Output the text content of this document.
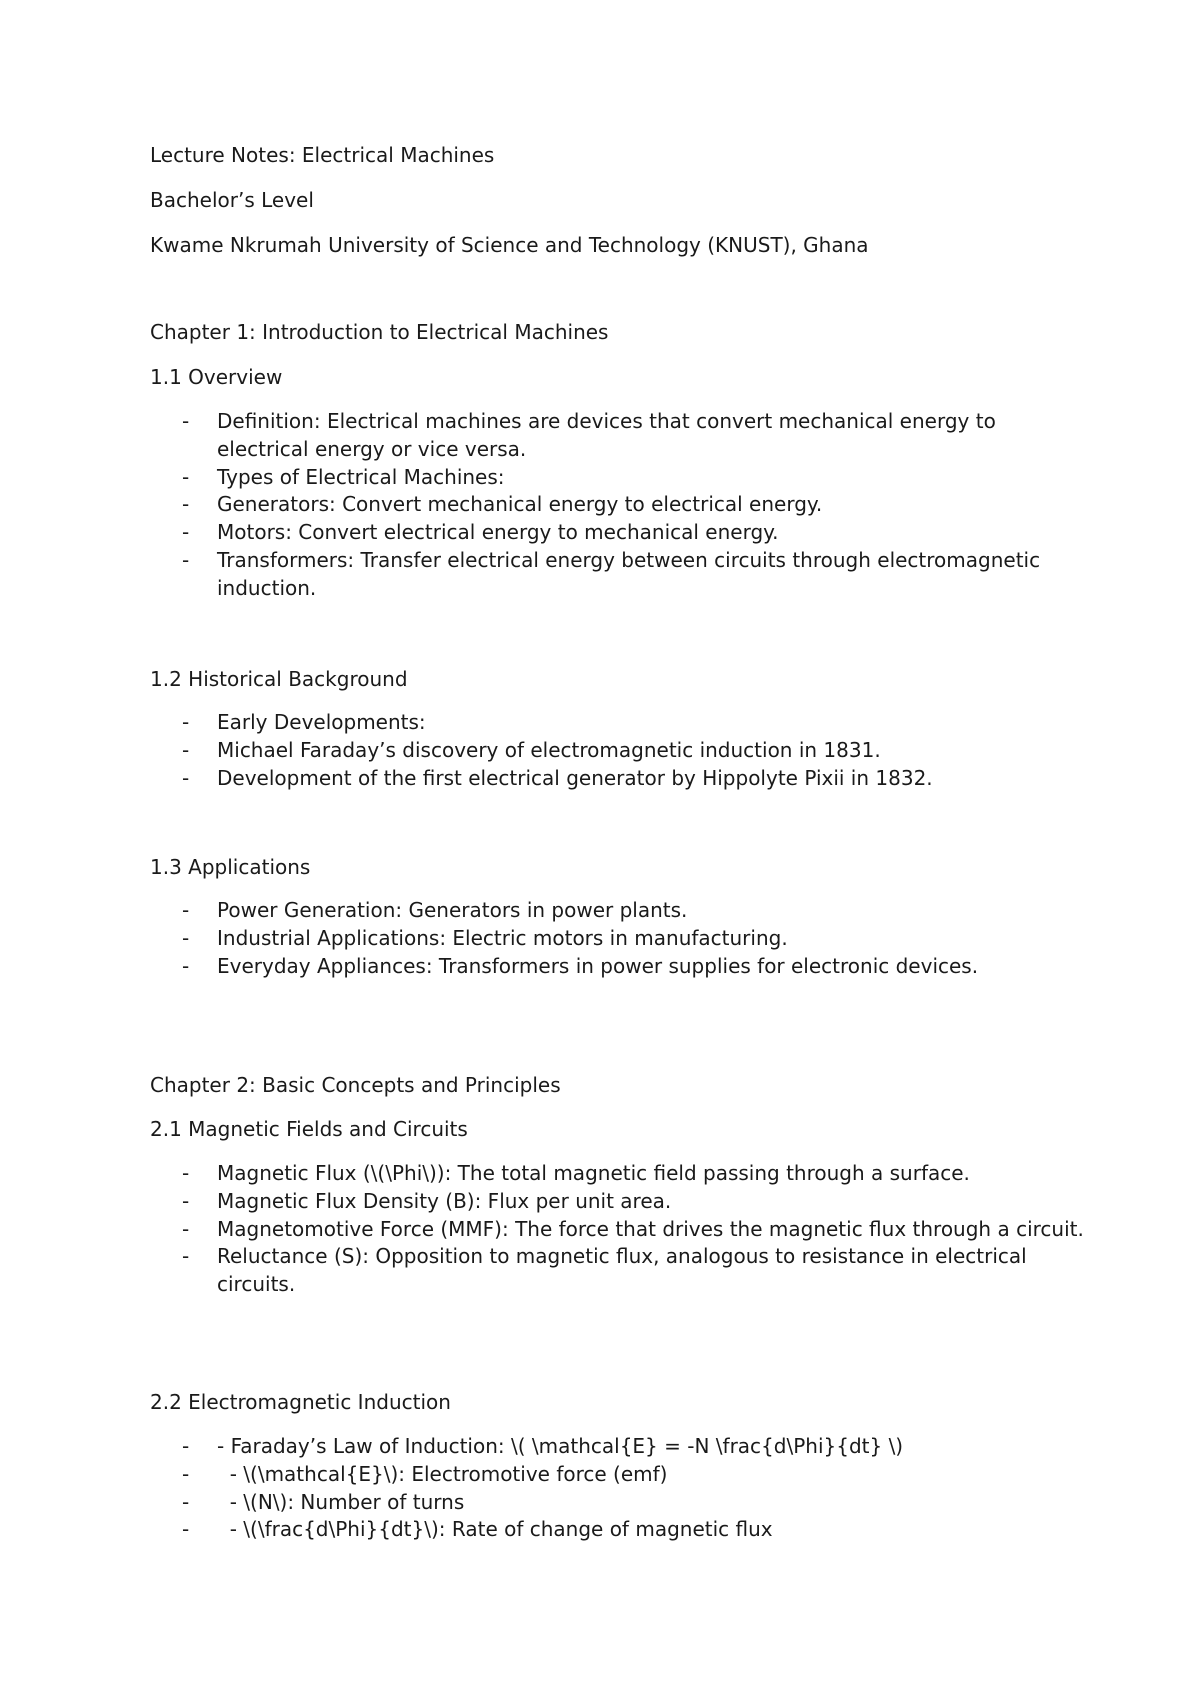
Lecture Notes: Electrical Machines

Bachelor’s Level

Kwame Nkrumah University of Science and Technology (KNUST), Ghana

Chapter 1: Introduction to Electrical Machines
1.1 Overview
- Definition: Electrical machines are devices that convert mechanical energy to electrical energy or vice versa.
- Types of Electrical Machines:
- Generators: Convert mechanical energy to electrical energy.
- Motors: Convert electrical energy to mechanical energy.
- Transformers: Transfer electrical energy between circuits through electromagnetic induction.
1.2 Historical Background
- Early Developments:
- Michael Faraday’s discovery of electromagnetic induction in 1831.
- Development of the first electrical generator by Hippolyte Pixii in 1832.
1.3 Applications
- Power Generation: Generators in power plants.
- Industrial Applications: Electric motors in manufacturing.
- Everyday Appliances: Transformers in power supplies for electronic devices.
Chapter 2: Basic Concepts and Principles
2.1 Magnetic Fields and Circuits
- Magnetic Flux (\(\Phi\)): The total magnetic field passing through a surface.
- Magnetic Flux Density (B): Flux per unit area.
- Magnetomotive Force (MMF): The force that drives the magnetic flux through a circuit.
- Reluctance (S): Opposition to magnetic flux, analogous to resistance in electrical circuits.
2.2 Electromagnetic Induction
- - Faraday’s Law of Induction: \( \mathcal{E} = -N \frac{d\Phi}{dt} \)
- - \(\mathcal{E}\): Electromotive force (emf)
- - \(N\): Number of turns
- - \(\frac{d\Phi}{dt}\): Rate of change of magnetic flux
